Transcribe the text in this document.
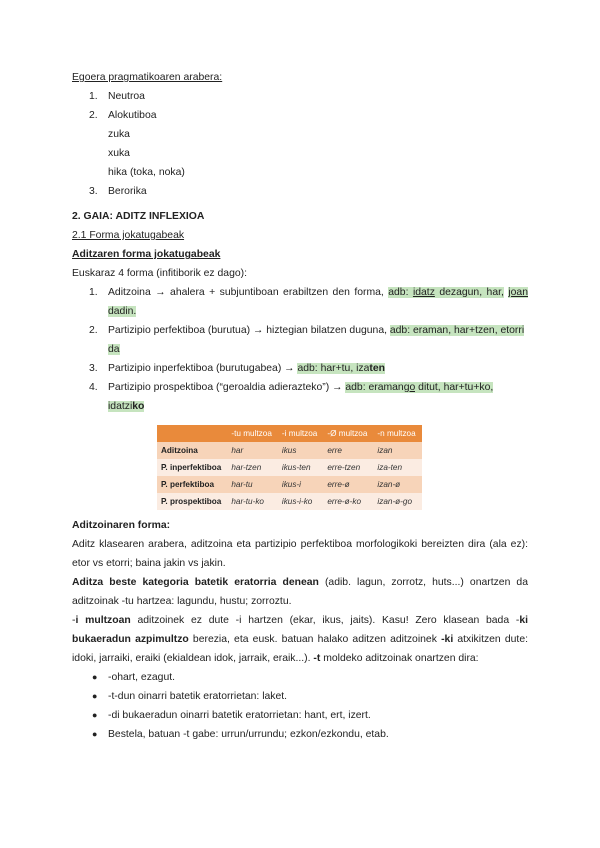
Egoera pragmatikoaren arabera:
1. Neutroa
2. Alokutiboa
zuka
xuka
hika (toka, noka)
3. Berorika
2. GAIA: ADITZ INFLEXIOA
2.1 Forma jokatugabeak
Aditzaren forma jokatugabeak
Euskaraz 4 forma (infitiborik ez dago):
1. Aditzoina → ahalera + subjuntiboan erabiltzen den forma, adb: idatz dezagun, har, joan dadin.
2. Partizipio perfektiboa (burutua) → hiztegian bilatzen duguna, adb: eraman, har+tzen, etorri da
3. Partizipio inperfektiboa (burutugabea) → adb: har+tu, izaten
4. Partizipio prospektiboa (“geroaldia adierazteko”) → adb: eramango ditut, har+tu+ko, idatziko
	-tu multzoa	-i multzoa	-Ø multzoa	-n multzoa
Aditzoina	har	ikus	erre	izan
P. inperfektiboa	har-tzen	ikus-ten	erre-tzen	iza-ten
P. perfektiboa	har-tu	ikus-i	erre-ø	izan-ø
P. prospektiboa	har-tu-ko	ikus-i-ko	erre-ø-ko	izan-ø-go
Aditzoinaren forma:
Aditz klasearen arabera, aditzoina eta partizipio perfektiboa morfologikoki bereizten dira (ala ez): etor vs etorri; baina jakin vs jakin.
Aditza beste kategoria batetik eratorria denean (adib. lagun, zorrotz, huts...) onartzen da aditzoinak -tu hartzea: lagundu, hustu; zorroztu.
-i multzoan aditzoinek ez dute -i hartzen (ekar, ikus, jaits). Kasu! Zero klasean bada -ki bukaeradun azpimultzo berezia, eta eusk. batuan halako aditzen aditzoinek -ki atxikitzen dute: idoki, jarraiki, eraiki (ekialdean idok, jarraik, eraik...). -t moldeko aditzoinak onartzen dira:
● -ohart, ezagut.
● -t-dun oinarri batetik eratorrietan: laket.
● -di bukaeradun oinarri batetik eratorrietan: hant, ert, izert.
● Bestela, batuan -t gabe: urrun/urrundu; ezkon/ezkondu, etab.
